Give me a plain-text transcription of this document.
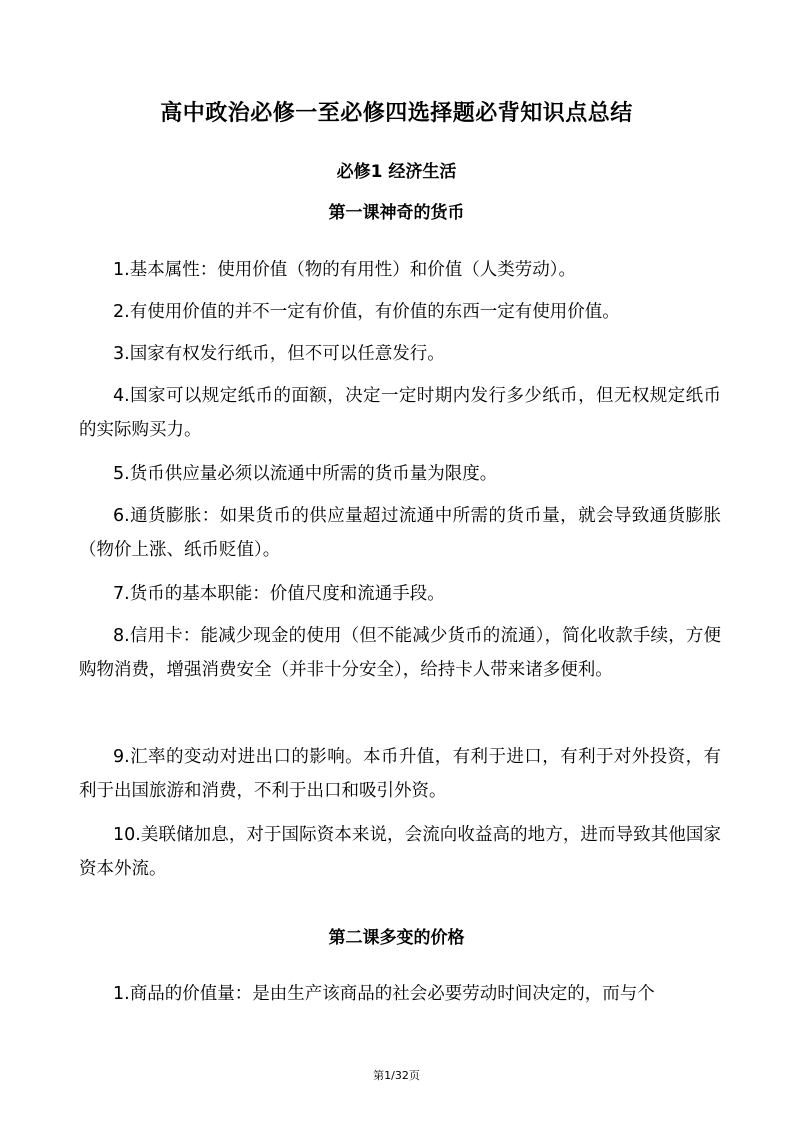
高中政治必修一至必修四选择题必背知识点总结
必修1 经济生活
第一课神奇的货币

1.基本属性：使用价值（物的有用性）和价值（人类劳动）。

2.有使用价值的并不一定有价值，有价值的东西一定有使用价值。

3.国家有权发行纸币，但不可以任意发行。

4.国家可以规定纸币的面额，决定一定时期内发行多少纸币，但无权规定纸币的实际购买力。

5.货币供应量必须以流通中所需的货币量为限度。

6.通货膨胀：如果货币的供应量超过流通中所需的货币量，就会导致通货膨胀（物价上涨、纸币贬值）。

7.货币的基本职能：价值尺度和流通手段。

8.信用卡：能减少现金的使用（但不能减少货币的流通），简化收款手续，方便购物消费，增强消费安全（并非十分安全），给持卡人带来诸多便利。

9.汇率的变动对进出口的影响。本币升值，有利于进口，有利于对外投资，有利于出国旅游和消费，不利于出口和吸引外资。

10.美联储加息，对于国际资本来说，会流向收益高的地方，进而导致其他国家资本外流。

第二课多变的价格

1.商品的价值量：是由生产该商品的社会必要劳动时间决定的，而与个

第1/32页
